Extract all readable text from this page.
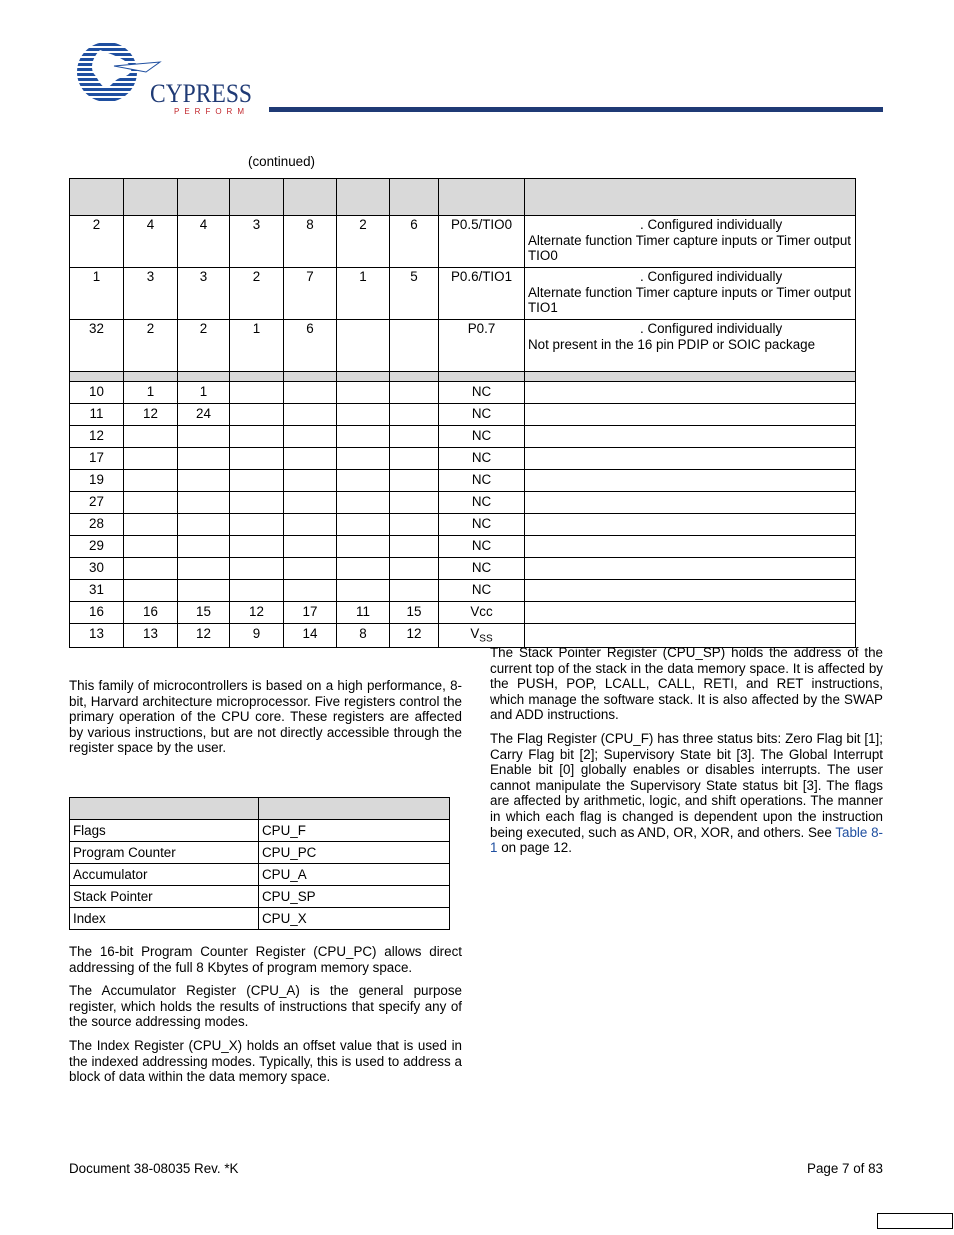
CYPRESS
PERFORM
(continued)

2	4	4	3	8	2	6	P0.5/TIO0	. Configured individually
Alternate function Timer capture inputs or Timer output TIO0
1	3	3	2	7	1	5	P0.6/TIO1	. Configured individually
Alternate function Timer capture inputs or Timer output TIO1
32	2	2	1	6			P0.7	. Configured individually
Not present in the 16 pin PDIP or SOIC package

10	1	1					NC	
11	12	24					NC	
12							NC	
17							NC	
19							NC	
27							NC	
28							NC	
29							NC	
30							NC	
31							NC	
16	16	15	12	17	11	15	Vcc	
13	13	12	9	14	8	12	$V_{SS}$	

This family of microcontrollers is based on a high performance, 8-bit, Harvard architecture microprocessor. Five registers control the primary operation of the CPU core. These registers are affected by various instructions, but are not directly accessible through the register space by the user.

Flags	CPU_F
Program Counter	CPU_PC
Accumulator	CPU_A
Stack Pointer	CPU_SP
Index	CPU_X

The 16-bit Program Counter Register (CPU_PC) allows direct addressing of the full 8 Kbytes of program memory space.

The Accumulator Register (CPU_A) is the general purpose register, which holds the results of instructions that specify any of the source addressing modes.

The Index Register (CPU_X) holds an offset value that is used in the indexed addressing modes. Typically, this is used to address a block of data within the data memory space.

The Stack Pointer Register (CPU_SP) holds the address of the current top of the stack in the data memory space. It is affected by the PUSH, POP, LCALL, CALL, RETI, and RET instructions, which manage the software stack. It is also affected by the SWAP and ADD instructions.

The Flag Register (CPU_F) has three status bits: Zero Flag bit [1]; Carry Flag bit [2]; Supervisory State bit [3]. The Global Interrupt Enable bit [0] globally enables or disables interrupts. The user cannot manipulate the Supervisory State status bit [3]. The flags are affected by arithmetic, logic, and shift operations. The manner in which each flag is changed is dependent upon the instruction being executed, such as AND, OR, XOR, and others. See Table 8-1 on page 12.

Document 38-08035 Rev. *K	Page 7 of 83
